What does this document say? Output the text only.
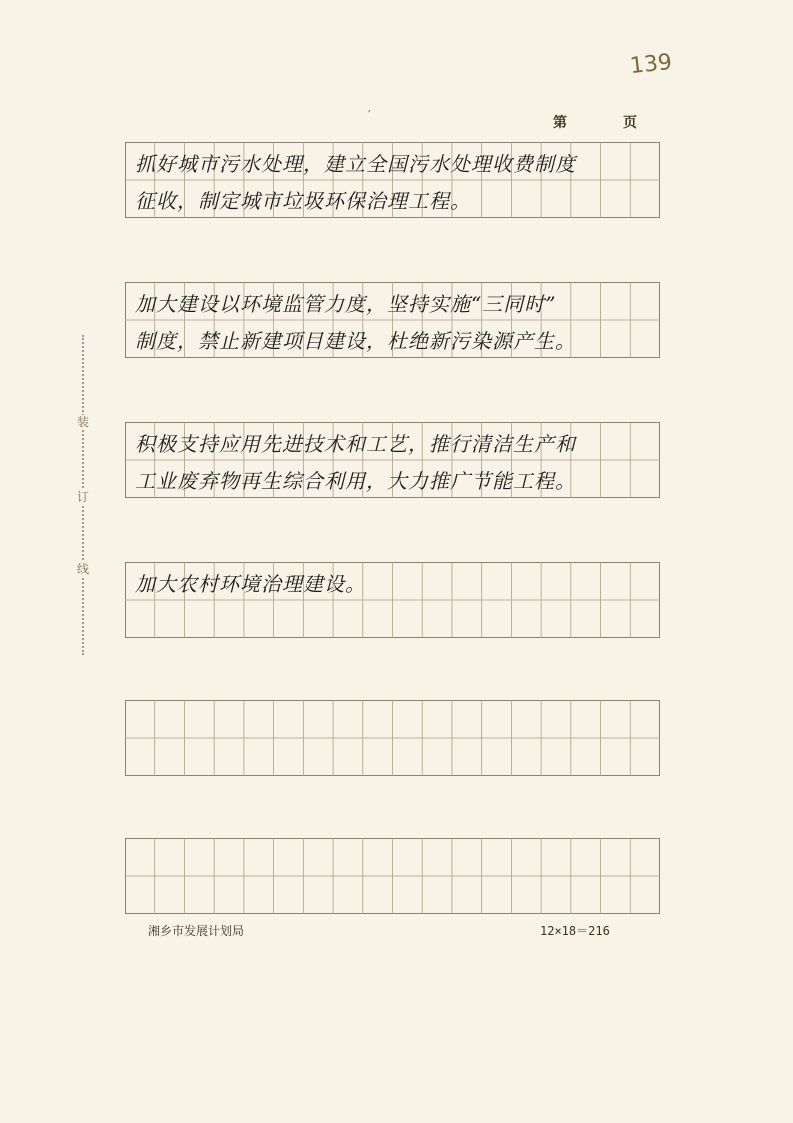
139
′	第	页
装
订
线
抓好城市污水处理，建立全国污水处理收费制度
征收，制定城市垃圾环保治理工程。
加大建设以环境监管力度，坚持实施“三同时”
制度，禁止新建项目建设，杜绝新污染源产生。
积极支持应用先进技术和工艺，推行清洁生产和
工业废弃物再生综合利用，大力推广节能工程。
加大农村环境治理建设。
湘乡市发展计划局	12×18＝216
